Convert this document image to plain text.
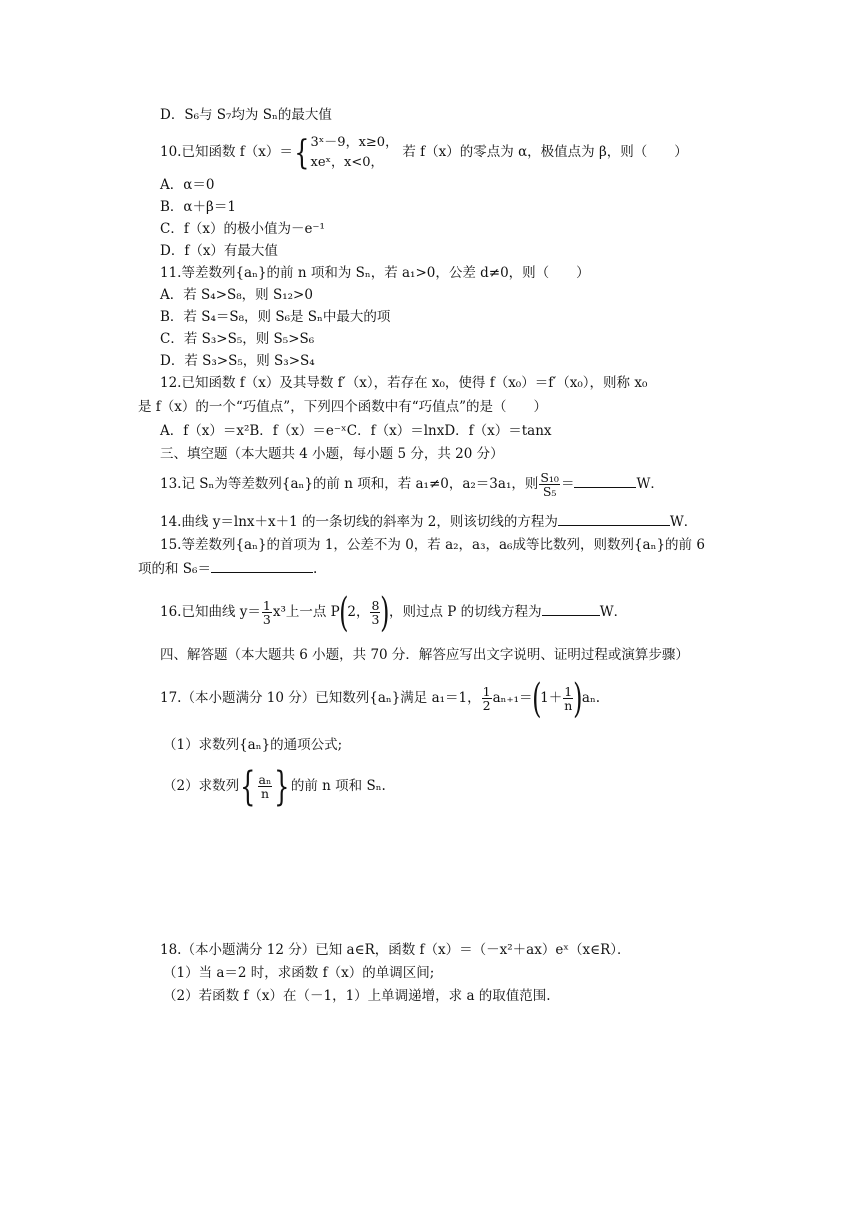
D．S₆与 S₇均为 Sₙ的最大值
10.已知函数 f（x）＝{ 3ˣ－9，x≥0，
xeˣ，x<0，
若 f（x）的零点为 α，极值点为 β，则（　　）
A．α＝0
B．α＋β＝1
C．f（x）的极小值为－e⁻¹
D．f（x）有最大值
11.等差数列{aₙ}的前 n 项和为 Sₙ，若 a₁>0，公差 d≠0，则（　　）
A．若 S₄>S₈，则 S₁₂>0
B．若 S₄＝S₈，则 S₆是 Sₙ中最大的项
C．若 S₃>S₅，则 S₅>S₆
D．若 S₃>S₅，则 S₃>S₄
12.已知函数 f（x）及其导数 f′（x），若存在 x₀，使得 f（x₀）＝f′（x₀），则称 x₀
是 f（x）的一个“巧值点”，下列四个函数中有“巧值点”的是（　　）
A．f（x）＝x²B．f（x）＝e⁻ˣC．f（x）＝lnxD．f（x）＝tanx
三、填空题（本大题共 4 小题，每小题 5 分，共 20 分）
13.记 Sₙ为等差数列{aₙ}的前 n 项和，若 a₁≠0，a₂＝3a₁，则 $\frac{\text{S₁₀}}{\text{S₅}}$ ＝	W．
14.曲线 y＝lnx＋x＋1 的一条切线的斜率为 2，则该切线的方程为	W．
15.等差数列{aₙ}的首项为 1，公差不为 0，若 a₂，a₃，a₆成等比数列，则数列{aₙ}的前 6
项的和 S₆＝	.
16.已知曲线 $y= \frac{1}{3} x^3$上一点 P(2， $\frac{8}{3}$ )，则过点 P 的切线方程为	W．
四、解答题（本大题共 6 小题，共 70 分．解答应写出文字说明、证明过程或演算步骤）
17.（本小题满分 10 分）已知数列{aₙ}满足 a₁＝1， $\frac{1}{2} a_{n+1}=(1+ \frac{1}{n} )a_n$.
（1）求数列{aₙ}的通项公式;
（2）求数列{ $\frac{\text{aₙ}}{n}$ }的前 n 项和 Sₙ.
18.（本小题满分 12 分）已知 a∈R，函数 f（x）＝（－x²＋ax）eˣ（x∈R）．
（1）当 a＝2 时，求函数 f（x）的单调区间;
（2）若函数 f（x）在（－1，1）上单调递增，求 a 的取值范围.
